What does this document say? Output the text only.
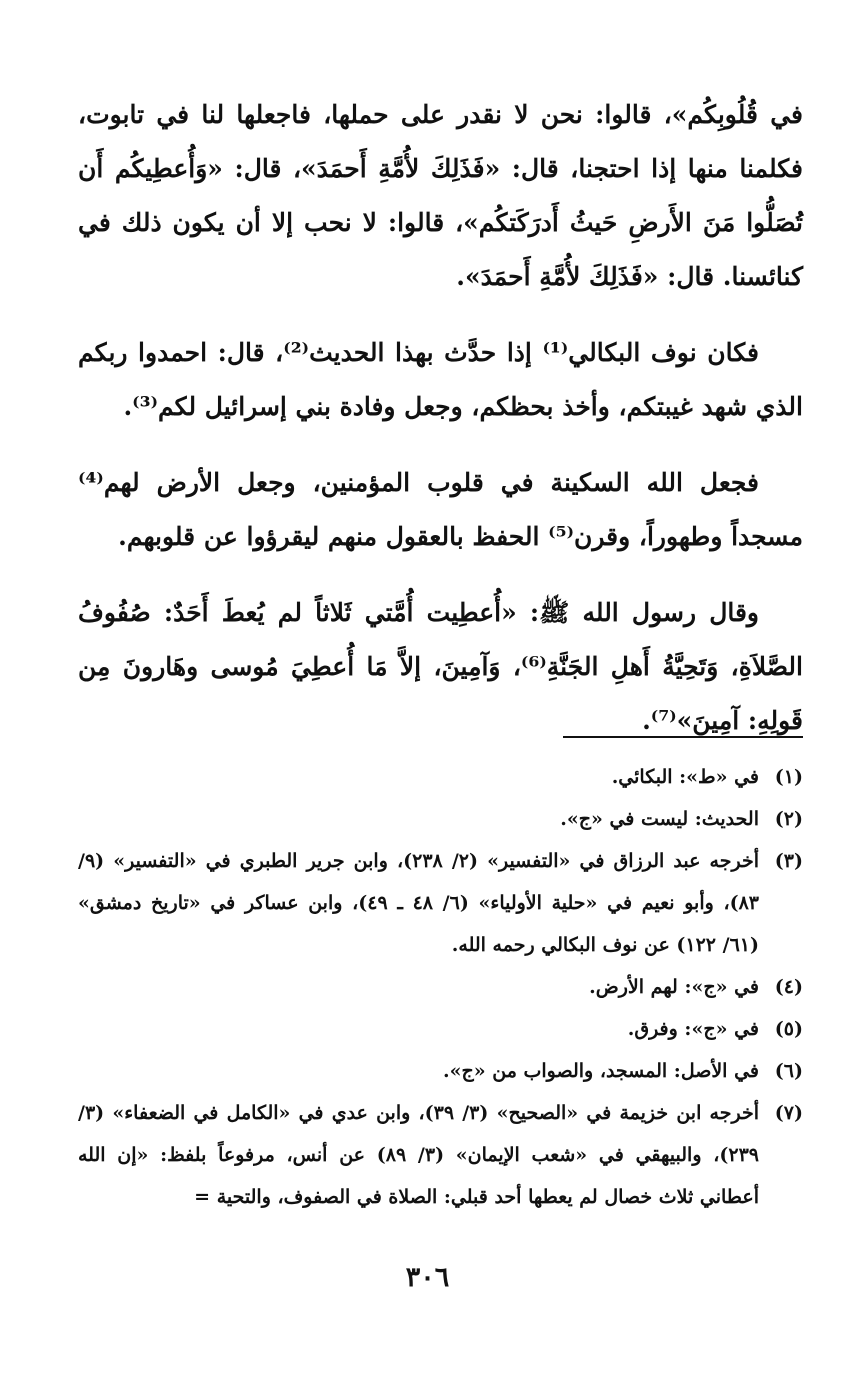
في قُلُوبِكُم»، قالوا: نحن لا نقدر على حملها، فاجعلها لنا في تابوت، فكلمنا منها إذا احتجنا، قال: «فَذَلِكَ لأُمَّةِ أَحمَدَ»، قال: «وَأُعطِيكُم أَن تُصَلُّوا مَنَ الأَرضِ حَيثُ أَدرَكَتكُم»، قالوا: لا نحب إلا أن يكون ذلك في كنائسنا. قال: «فَذَلِكَ لأُمَّةِ أَحمَدَ».

فكان نوف البكالي⁽¹⁾ إذا حدَّث بهذا الحديث⁽²⁾، قال: احمدوا ربكم الذي شهد غيبتكم، وأخذ بحظكم، وجعل وفادة بني إسرائيل لكم⁽³⁾.

فجعل الله السكينة في قلوب المؤمنين، وجعل الأرض لهم⁽⁴⁾ مسجداً وطهوراً، وقرن⁽⁵⁾ الحفظ بالعقول منهم ليقرؤوا عن قلوبهم.

وقال رسول الله ﷺ: «أُعطِيت أُمَّتي ثَلاثاً لم يُعطَ أَحَدٌ: صُفُوفُ الصَّلاَةِ، وَتَحِيَّةُ أَهلِ الجَنَّةِ⁽⁶⁾، وَآمِينَ، إلاَّ مَا أُعطِيَ مُوسى وهَارونَ مِن قَولِهِ: آمِينَ»⁽⁷⁾.

(١)
في «ط»: البكائي.
(٢)
الحديث: ليست في «ج».
(٣)
أخرجه عبد الرزاق في «التفسير» (٢/ ٢٣٨)، وابن جرير الطبري في «التفسير» (٩/ ٨٣)، وأبو نعيم في «حلية الأولياء» (٦/ ٤٨ ـ ٤٩)، وابن عساكر في «تاريخ دمشق» (٦١/ ١٢٢) عن نوف البكالي رحمه الله.
(٤)
في «ج»: لهم الأرض.
(٥)
في «ج»: وفرق.
(٦)
في الأصل: المسجد، والصواب من «ج».
(٧)
أخرجه ابن خزيمة في «الصحيح» (٣/ ٣٩)، وابن عدي في «الكامل في الضعفاء» (٣/ ٢٣٩)، والبيهقي في «شعب الإيمان» (٣/ ٨٩) عن أنس، مرفوعاً بلفظ: «إن الله أعطاني ثلاث خصال لم يعطها أحد قبلي: الصلاة في الصفوف، والتحية =
٣٠٦
